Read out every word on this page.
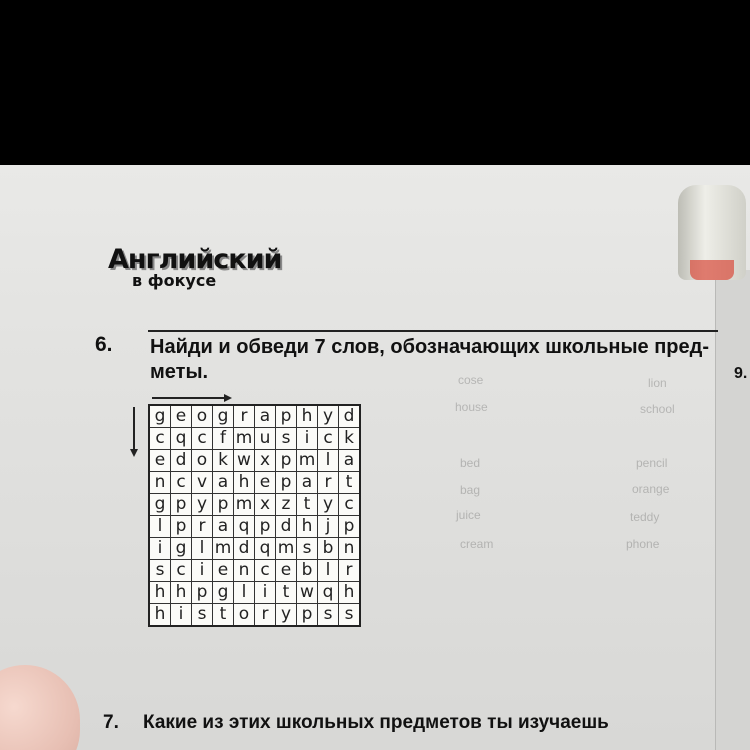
cose
house
bed
bag
juice
cream
lion
school
pencil
orange
teddy
phone
9.
Английский
в фокусе
6. Найди и обведи 7 слов, обозначающих школьные пред-
меты.
g	e	o	g	r	a	p	h	y	d
c	q	c	f	m	u	s	i	c	k
e	d	o	k	w	x	p	m	l	a
n	c	v	a	h	e	p	a	r	t
g	p	y	p	m	x	z	t	y	c
l	p	r	a	q	p	d	h	j	p
i	g	l	m	d	q	m	s	b	n
s	c	i	e	n	c	e	b	l	r
h	h	p	g	l	i	t	w	q	h
h	i	s	t	o	r	y	p	s	s
7. Какие из этих школьных предметов ты изучаешь
